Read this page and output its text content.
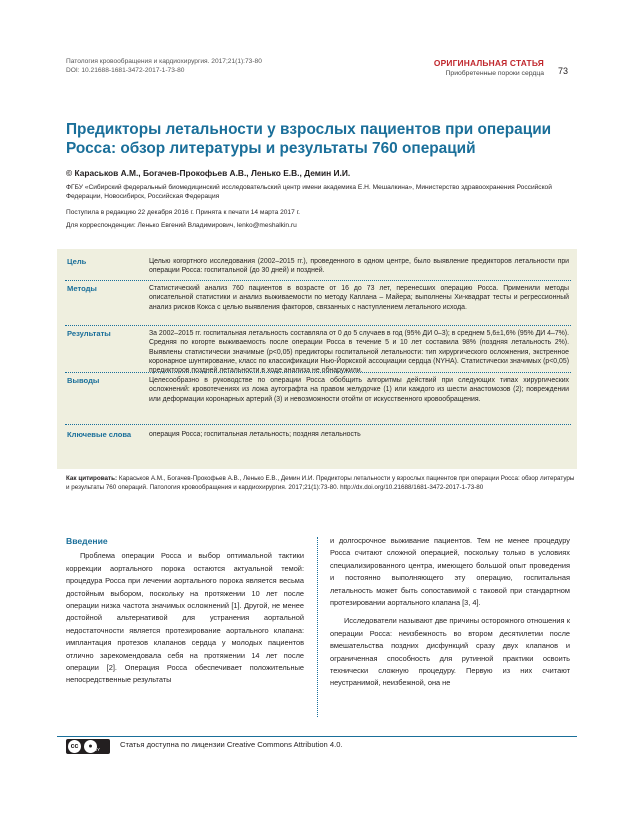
Патология кровообращения и кардиохирургия. 2017;21(1):73-80
DOI: 10.21688-1681-3472-2017-1-73-80
ОРИГИНАЛЬНАЯ СТАТЬЯ
Приобретенные пороки сердца 73
Предикторы летальности у взрослых пациентов при операции
Росса: обзор литературы и результаты 760 операций
© Караськов А.М., Богачев-Прокофьев А.В., Ленько Е.В., Демин И.И.
ФГБУ «Сибирский федеральный биомедицинский исследовательский центр имени академика Е.Н. Мешалкина», Министерство здравоохранения Российской Федерации, Новосибирск, Российская Федерация
Поступила в редакцию 22 декабря 2016 г. Принята к печати 14 марта 2017 г.
Для корреспонденции: Ленько Евгений Владимирович, lenko@meshalkin.ru
Цель	Целью когортного исследования (2002–2015 гг.), проведенного в одном центре, было выявление предикторов летальности при операции Росса: госпитальной (до 30 дней) и поздней.
Методы	Статистический анализ 760 пациентов в возрасте от 16 до 73 лет, перенесших операцию Росса. Применили методы описательной статистики и анализ выживаемости по методу Каплана – Майера; выполнены Хи-квадрат тесты и регрессионный анализ рисков Кокса с целью выявления факторов, связанных с наступлением летального исхода.
Результаты	За 2002–2015 гг. госпитальная летальность составляла от 0 до 5 случаев в год (95% ДИ 0–3); в среднем 5,6±1,6% (95% ДИ 4–7%). Средняя по когорте выживаемость после операции Росса в течение 5 и 10 лет составила 98% (поздняя летальность 2%). Выявлены статистически значимые (p<0,05) предикторы госпитальной летальности: тип хирургического осложнения, экстренное коронарное шунтирование, класс по классификации Нью-Йоркской ассоциации сердца (NYHA). Статистически значимых (p<0,05) предикторов поздней летальности в ходе анализа не обнаружили.
Выводы	Целесообразно в руководстве по операции Росса обобщить алгоритмы действий при следующих типах хирургических осложнений: кровотечениях из ложа аутографта на правом желудочке (1) или каждого из шести анастомозов (2); повреждении или деформации коронарных артерий (3) и невозможности отойти от искусственного кровообращения.
Ключевые слова	операция Росса; госпитальная летальность; поздняя летальность
Как цитировать: Караськов А.М., Богачев-Прокофьев А.В., Ленько Е.В., Демин И.И. Предикторы летальности у взрослых пациентов при операции Росса: обзор литературы и результаты 760 операций. Патология кровообращения и кардиохирургия. 2017;21(1):73-80. http://dx.doi.org/10.21688/1681-3472-2017-1-73-80
Введение

Проблема операции Росса и выбор оптимальной тактики коррекции аортального порока остаются актуальной темой: процедура Росса при лечении аортального порока является весьма достойным выбором, поскольку на протяжении 10 лет после операции низка частота значимых осложнений [1]. Другой, не менее достойной альтернативой для устранения аортальной недостаточности является протезирование аортального клапана: имплантация протезов клапанов сердца у молодых пациентов отлично зарекомендовала себя на протяжении 14 лет после операции [2]. Операция Росса обеспечивает положительные непосредственные результаты

и долгосрочное выживание пациентов. Тем не менее процедуру Росса считают сложной операцией, поскольку только в условиях специализированного центра, имеющего большой опыт проведения и постоянно выполняющего эту операцию, госпитальная летальность может быть сопоставимой с таковой при стандартном протезировании аортального клапана [3, 4].

Исследователи называют две причины осторожного отношения к операции Росса: неизбежность во втором десятилетии после вмешательства поздних дисфункций сразу двух клапанов и ограниченная способность для рутинной практики освоить технически сложную процедуру. Первую из них считают неустранимой, неизбежной, она не

cc	● BY
Статья доступна по лицензии Creative Commons Attribution 4.0.
